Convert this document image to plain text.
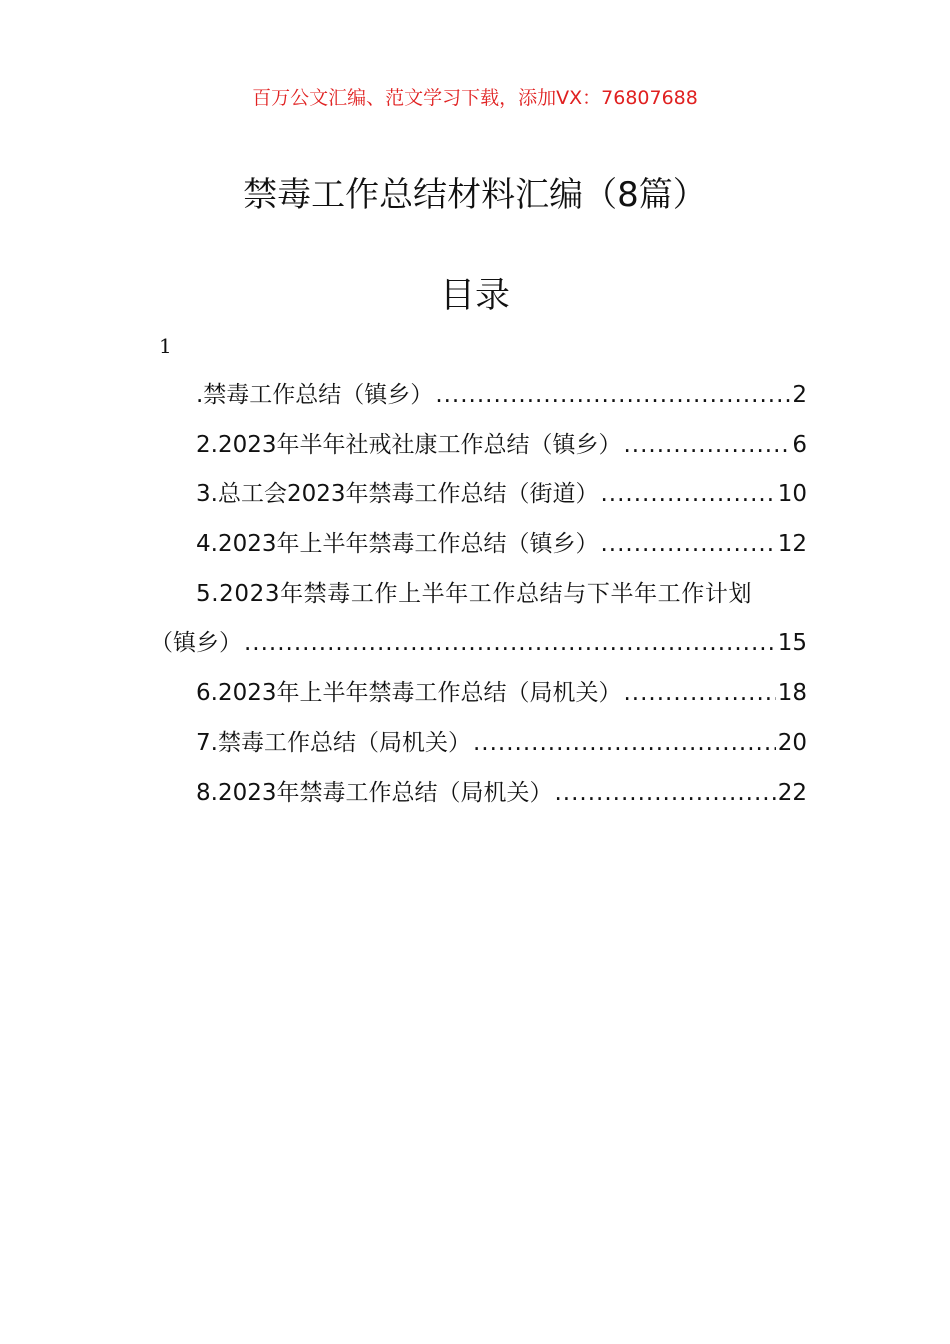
百万公文汇编、范文学习下载，添加VX：76807688
禁毒工作总结材料汇编（8篇）
目录
1
.禁毒工作总结（镇乡） .....	2
2.2023年半年社戒社康工作总结（镇乡） .....	6
3.总工会2023年禁毒工作总结（街道） .....	10
4.2023年上半年禁毒工作总结（镇乡） .....	12
5.2023年禁毒工作上半年工作总结与下半年工作计划
（镇乡） .....	15
6.2023年上半年禁毒工作总结（局机关） .....	18
7.禁毒工作总结（局机关） .....	20
8.2023年禁毒工作总结（局机关） .....	22
